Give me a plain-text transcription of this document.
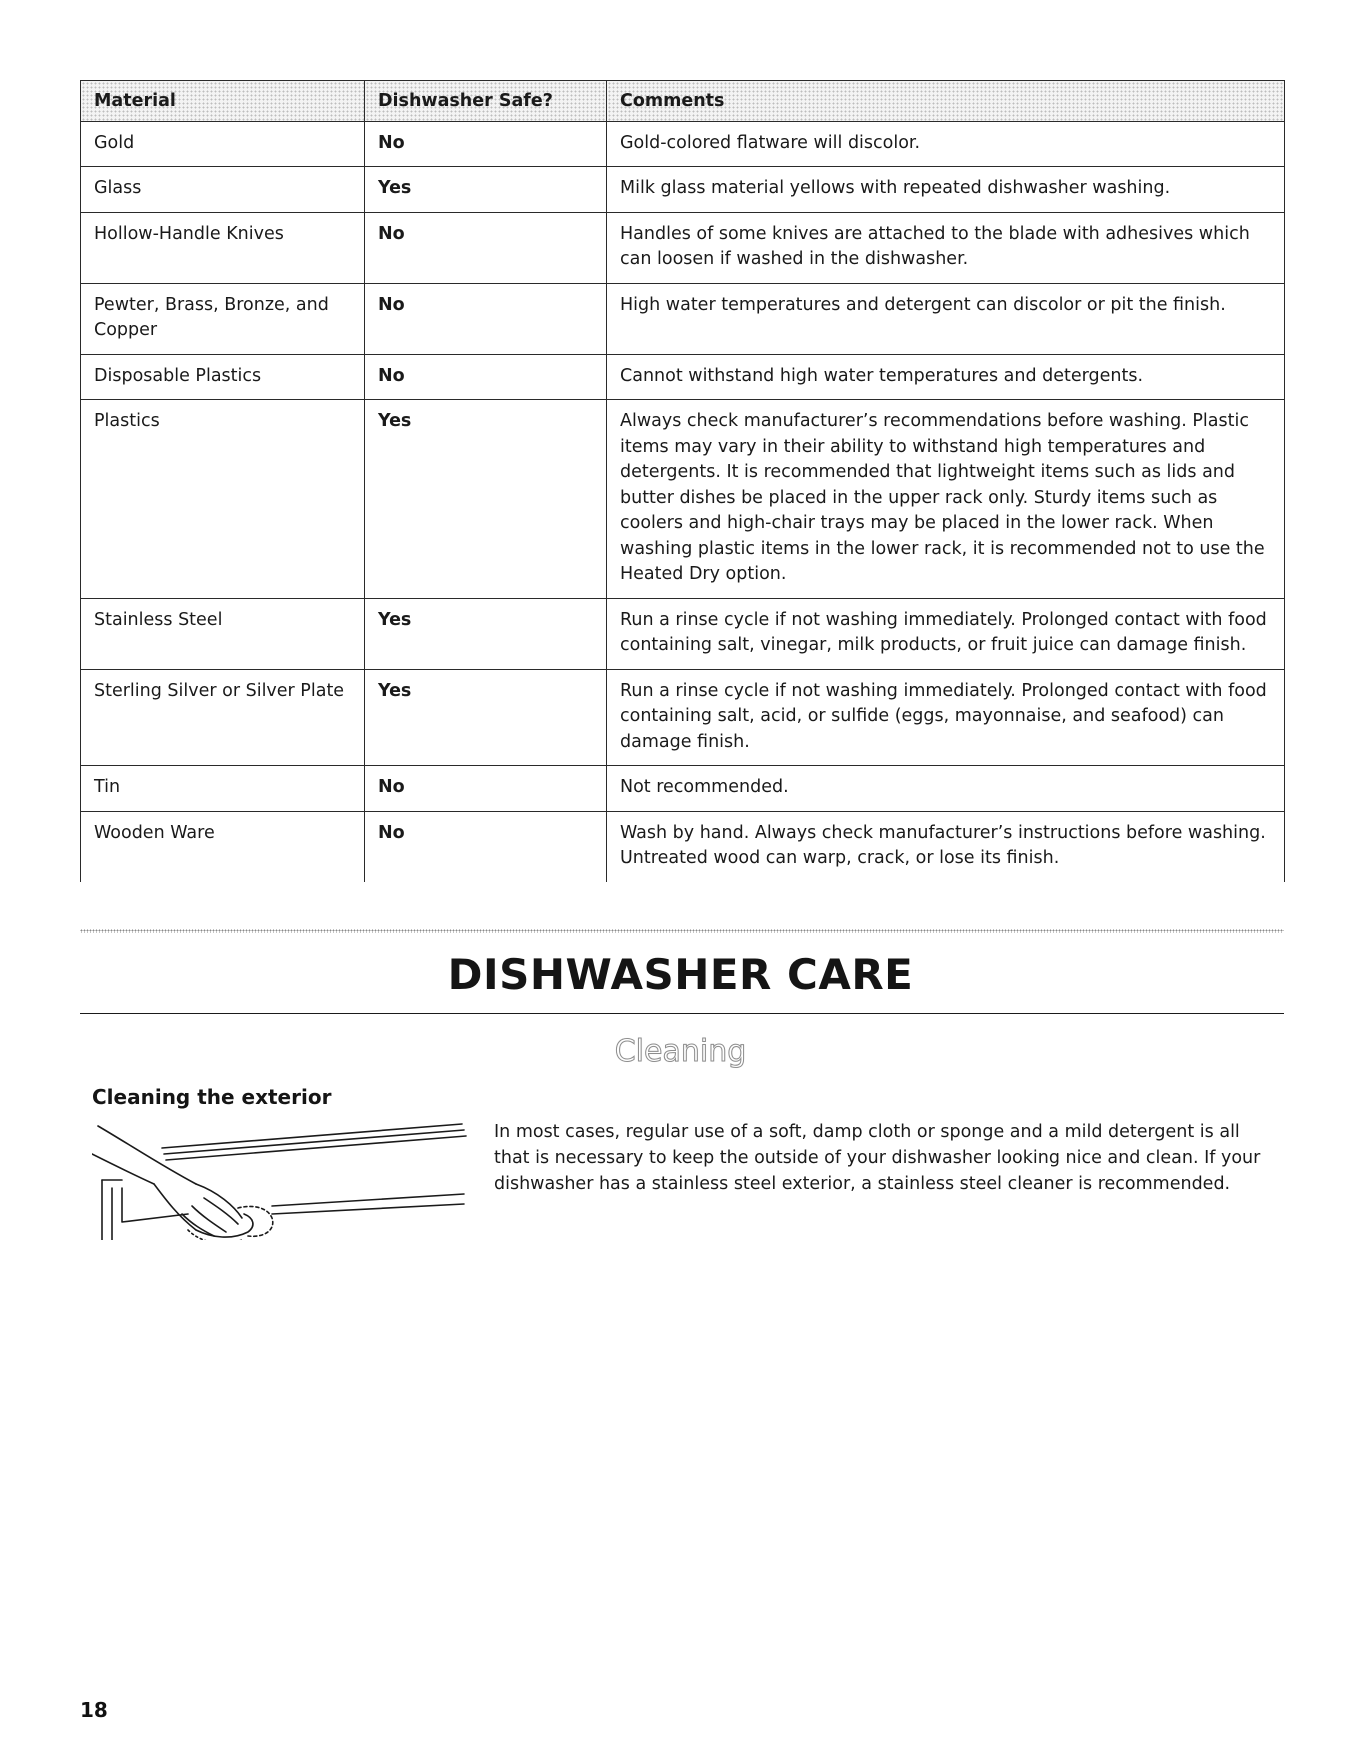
Material	Dishwasher Safe?	Comments
Gold	No	Gold-colored flatware will discolor.
Glass	Yes	Milk glass material yellows with repeated dishwasher washing.
Hollow-Handle Knives	No	Handles of some knives are attached to the blade with adhesives which can loosen if washed in the dishwasher.
Pewter, Brass, Bronze, and Copper	No	High water temperatures and detergent can discolor or pit the finish.
Disposable Plastics	No	Cannot withstand high water temperatures and detergents.
Plastics	Yes	Always check manufacturer’s recommendations before washing. Plastic items may vary in their ability to withstand high temperatures and detergents. It is recommended that lightweight items such as lids and butter dishes be placed in the upper rack only. Sturdy items such as coolers and high-chair trays may be placed in the lower rack. When washing plastic items in the lower rack, it is recommended not to use the Heated Dry option.
Stainless Steel	Yes	Run a rinse cycle if not washing immediately. Prolonged contact with food containing salt, vinegar, milk products, or fruit juice can damage finish.
Sterling Silver or Silver Plate	Yes	Run a rinse cycle if not washing immediately. Prolonged contact with food containing salt, acid, or sulfide (eggs, mayonnaise, and seafood) can damage finish.
Tin	No	Not recommended.
Wooden Ware	No	Wash by hand. Always check manufacturer’s instructions before washing. Untreated wood can warp, crack, or lose its finish.
DISHWASHER CARE
Cleaning
Cleaning the exterior

In most cases, regular use of a soft, damp cloth or sponge and a mild detergent is all that is necessary to keep the outside of your dishwasher looking nice and clean. If your dishwasher has a stainless steel exterior, a stainless steel cleaner is recommended.

18
